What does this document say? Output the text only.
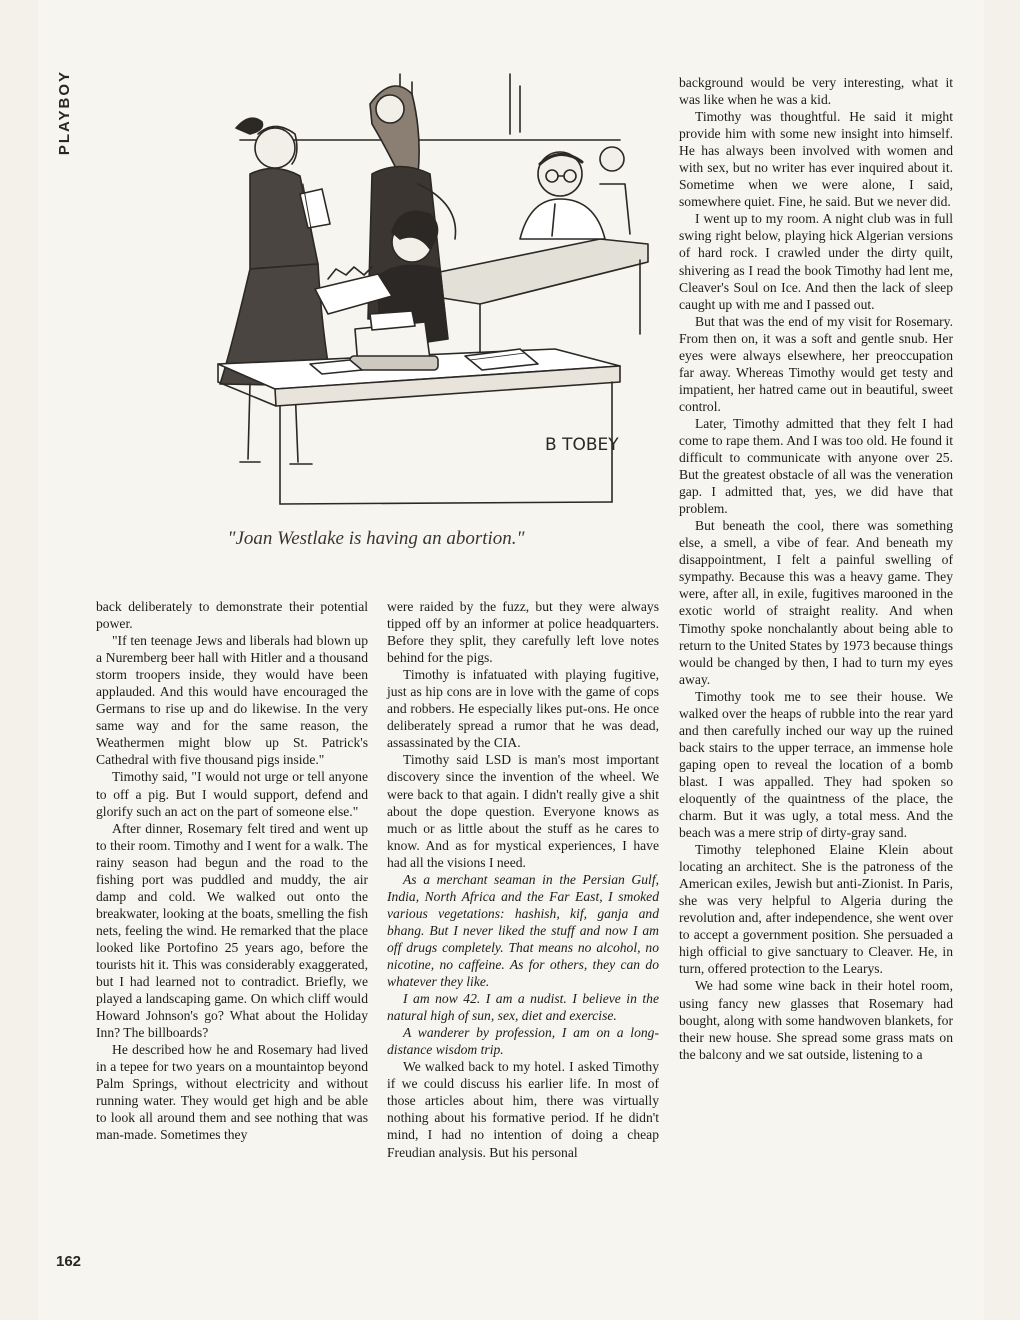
PLAYBOY
B TOBEY
"Joan Westlake is having an abortion."

back deliberately to demonstrate their potential power.

"If ten teenage Jews and liberals had blown up a Nuremberg beer hall with Hitler and a thousand storm troopers inside, they would have been applauded. And this would have encouraged the Germans to rise up and do likewise. In the very same way and for the same reason, the Weathermen might blow up St. Patrick's Cathedral with five thousand pigs inside."

Timothy said, "I would not urge or tell anyone to off a pig. But I would support, defend and glorify such an act on the part of someone else."

After dinner, Rosemary felt tired and went up to their room. Timothy and I went for a walk. The rainy season had begun and the road to the fishing port was puddled and muddy, the air damp and cold. We walked out onto the breakwater, looking at the boats, smelling the fish nets, feeling the wind. He remarked that the place looked like Portofino 25 years ago, before the tourists hit it. This was considerably exaggerated, but I had learned not to contradict. Briefly, we played a landscaping game. On which cliff would Howard Johnson's go? What about the Holiday Inn? The billboards?

He described how he and Rosemary had lived in a tepee for two years on a mountaintop beyond Palm Springs, without electricity and without running water. They would get high and be able to look all around them and see nothing that was man-made. Sometimes they

were raided by the fuzz, but they were always tipped off by an informer at police headquarters. Before they split, they carefully left love notes behind for the pigs.

Timothy is infatuated with playing fugitive, just as hip cons are in love with the game of cops and robbers. He especially likes put-ons. He once deliberately spread a rumor that he was dead, assassinated by the CIA.

Timothy said LSD is man's most important discovery since the invention of the wheel. We were back to that again. I didn't really give a shit about the dope question. Everyone knows as much or as little about the stuff as he cares to know. And as for mystical experiences, I have had all the visions I need.

As a merchant seaman in the Persian Gulf, India, North Africa and the Far East, I smoked various vegetations: hashish, kif, ganja and bhang. But I never liked the stuff and now I am off drugs completely. That means no alcohol, no nicotine, no caffeine. As for others, they can do whatever they like.

I am now 42. I am a nudist. I believe in the natural high of sun, sex, diet and exercise.

A wanderer by profession, I am on a long-distance wisdom trip.

We walked back to my hotel. I asked Timothy if we could discuss his earlier life. In most of those articles about him, there was virtually nothing about his formative period. If he didn't mind, I had no intention of doing a cheap Freudian analysis. But his personal

background would be very interesting, what it was like when he was a kid.

Timothy was thoughtful. He said it might provide him with some new insight into himself. He has always been involved with women and with sex, but no writer has ever inquired about it. Sometime when we were alone, I said, somewhere quiet. Fine, he said. But we never did.

I went up to my room. A night club was in full swing right below, playing hick Algerian versions of hard rock. I crawled under the dirty quilt, shivering as I read the book Timothy had lent me, Cleaver's Soul on Ice. And then the lack of sleep caught up with me and I passed out.

But that was the end of my visit for Rosemary. From then on, it was a soft and gentle snub. Her eyes were always elsewhere, her preoccupation far away. Whereas Timothy would get testy and impatient, her hatred came out in beautiful, sweet control.

Later, Timothy admitted that they felt I had come to rape them. And I was too old. He found it difficult to communicate with anyone over 25. But the greatest obstacle of all was the veneration gap. I admitted that, yes, we did have that problem.

But beneath the cool, there was something else, a smell, a vibe of fear. And beneath my disappointment, I felt a painful swelling of sympathy. Because this was a heavy game. They were, after all, in exile, fugitives marooned in the exotic world of straight reality. And when Timothy spoke nonchalantly about being able to return to the United States by 1973 because things would be changed by then, I had to turn my eyes away.

Timothy took me to see their house. We walked over the heaps of rubble into the rear yard and then carefully inched our way up the ruined back stairs to the upper terrace, an immense hole gaping open to reveal the location of a bomb blast. I was appalled. They had spoken so eloquently of the quaintness of the place, the charm. But it was ugly, a total mess. And the beach was a mere strip of dirty-gray sand.

Timothy telephoned Elaine Klein about locating an architect. She is the patroness of the American exiles, Jewish but anti-Zionist. In Paris, she was very helpful to Algeria during the revolution and, after independence, she went over to accept a government position. She persuaded a high official to give sanctuary to Cleaver. He, in turn, offered protection to the Learys.

We had some wine back in their hotel room, using fancy new glasses that Rosemary had bought, along with some handwoven blankets, for their new house. She spread some grass mats on the balcony and we sat outside, listening to a

162
